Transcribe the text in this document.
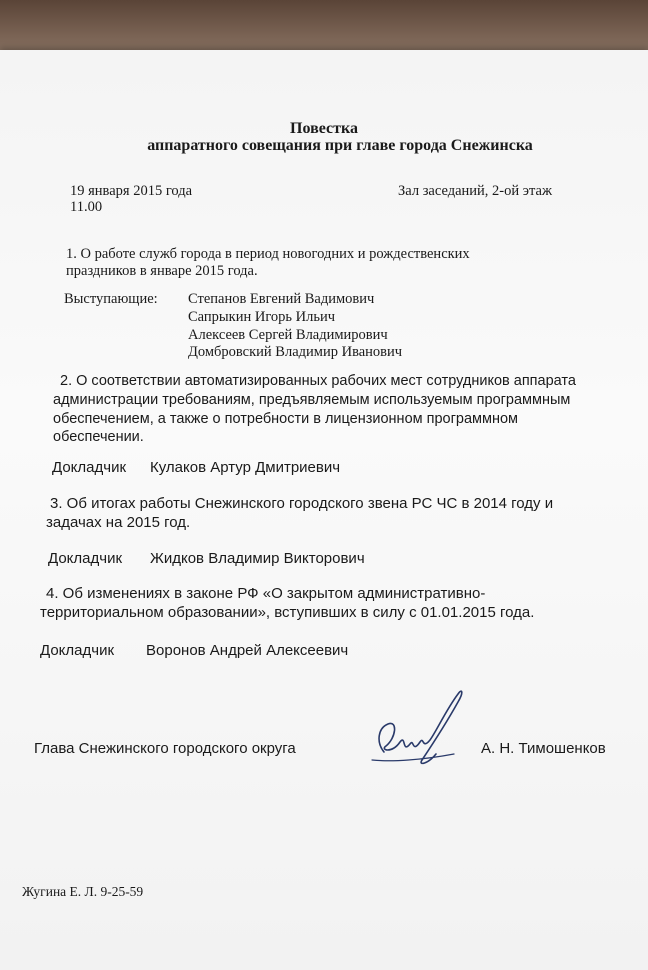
Повестка
аппаратного совещания при главе города Снежинска
19 января 2015 года
11.00
Зал заседаний, 2-ой этаж
1. О работе служб города в период новогодних и рождественских
праздников в январе 2015 года.
Выступающие: Степанов Евгений Вадимович
Сапрыкин Игорь Ильич
Алексеев Сергей Владимирович
Домбровский Владимир Иванович
2. О соответствии автоматизированных рабочих мест сотрудников аппарата
администрации требованиям, предъявляемым используемым программным
обеспечением, а также о потребности в лицензионном программном
обеспечении.
Докладчик Кулаков Артур Дмитриевич
3. Об итогах работы Снежинского городского звена РС ЧС в 2014 году и
задачах на 2015 год.
Докладчик Жидков Владимир Викторович
4. Об изменениях в законе РФ «О закрытом административно-
территориальном образовании», вступивших в силу с 01.01.2015 года.
Докладчик Воронов Андрей Алексеевич
Глава Снежинского городского округа	А. Н. Тимошенков
Жугина Е. Л. 9-25-59
